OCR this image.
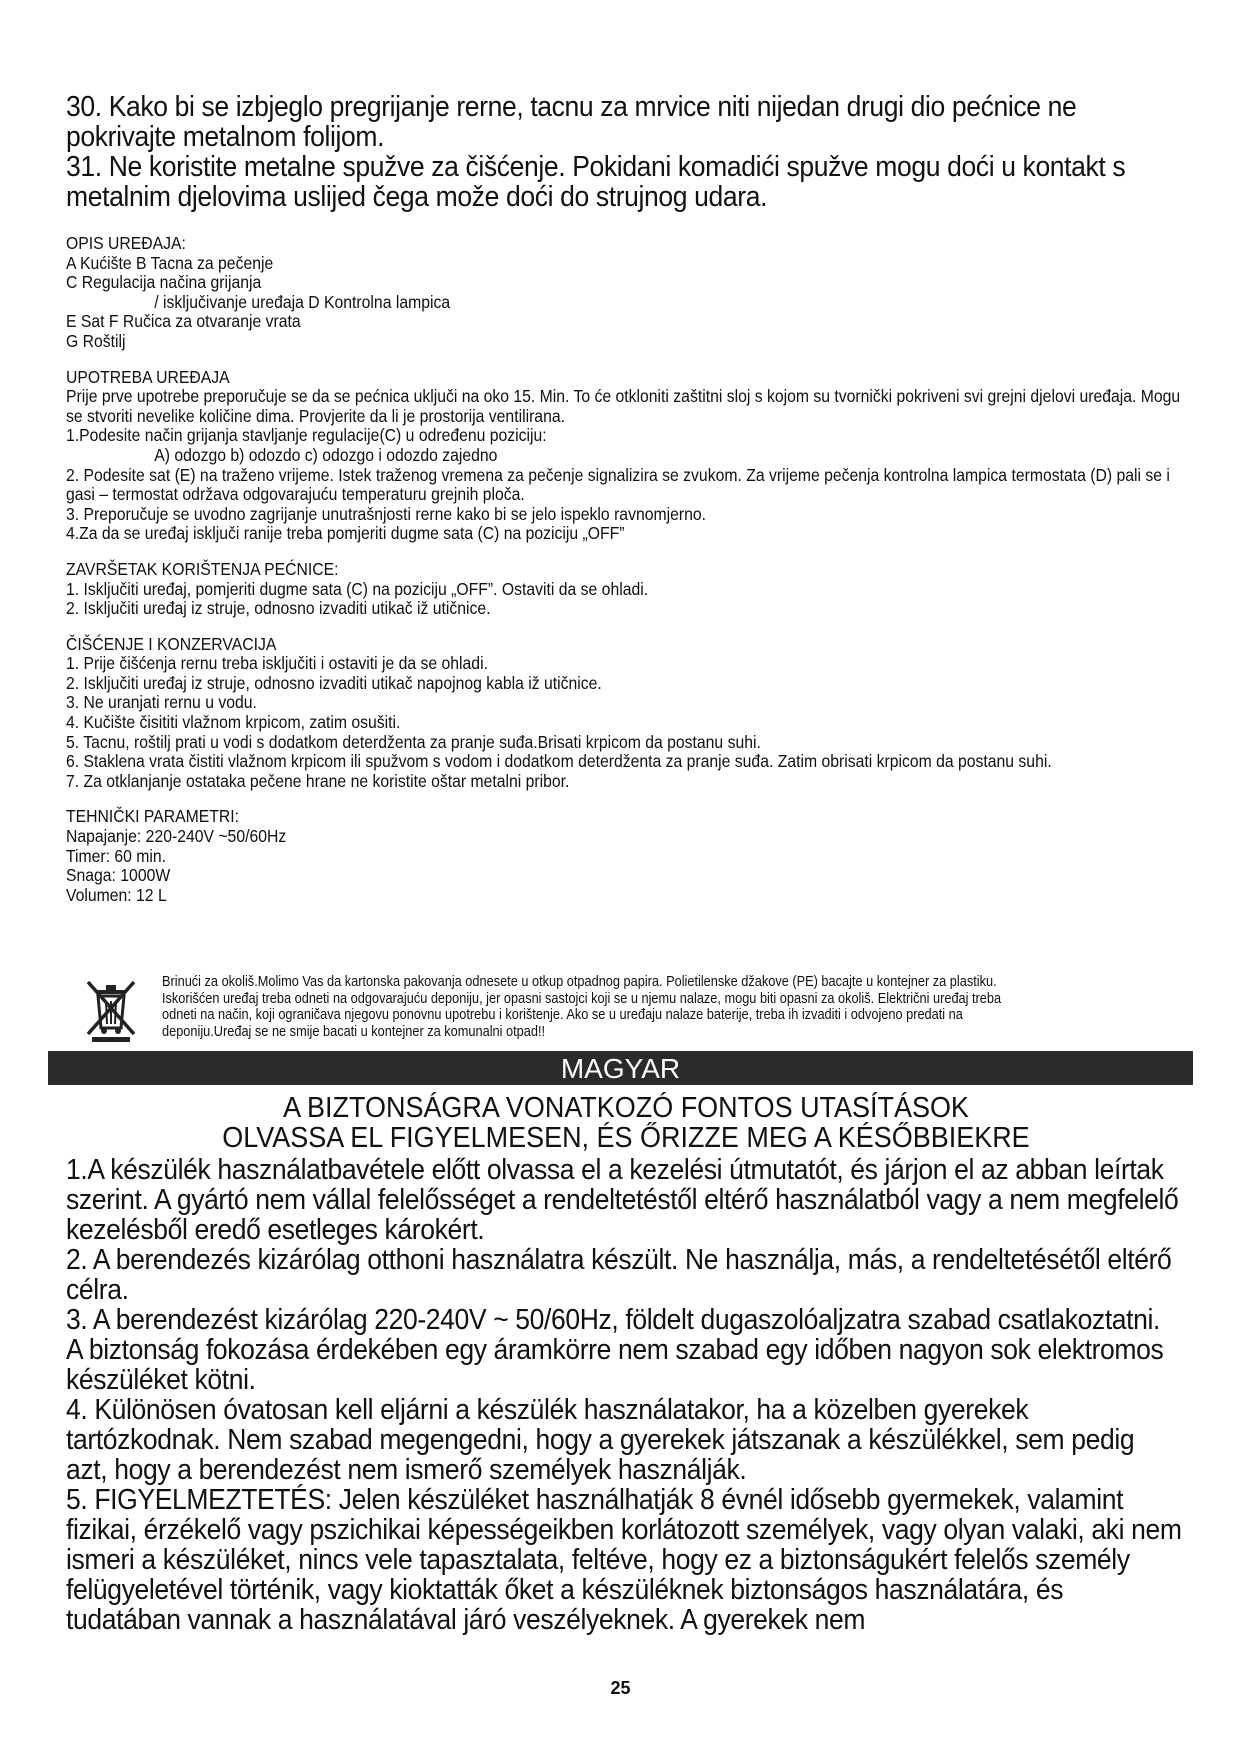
30. Kako bi se izbjeglo pregrijanje rerne, tacnu za mrvice niti nijedan drugi dio pećnice ne pokrivajte metalnom folijom.

31. Ne koristite metalne spužve za čišćenje. Pokidani komadići spužve mogu doći u kontakt s metalnim djelovima uslijed čega može doći do strujnog udara.

OPIS UREĐAJA:

A Kućište B Tacna za pečenje

C Regulacija načina grijanja

/ isključivanje uređaja D Kontrolna lampica

E Sat F Ručica za otvaranje vrata

G Roštilj

UPOTREBA UREĐAJA

Prije prve upotrebe preporučuje se da se pećnica uključi na oko 15. Min. To će otkloniti zaštitni sloj s kojom su tvornički pokriveni svi grejni djelovi uređaja. Mogu se stvoriti nevelike količine dima. Provjerite da li je prostorija ventilirana.

1.Podesite način grijanja stavljanje regulacije(C) u određenu poziciju:

A) odozgo b) odozdo c) odozgo i odozdo zajedno

2. Podesite sat (E) na traženo vrijeme. Istek traženog vremena za pečenje signalizira se zvukom. Za vrijeme pečenja kontrolna lampica termostata (D) pali se i gasi – termostat održava odgovarajuću temperaturu grejnih ploča.

3. Preporučuje se uvodno zagrijanje unutrašnjosti rerne kako bi se jelo ispeklo ravnomjerno.

4.Za da se uređaj isključi ranije treba pomjeriti dugme sata (C) na poziciju „OFF”

ZAVRŠETAK KORIŠTENJA PEĆNICE:

1. Isključiti uređaj, pomjeriti dugme sata (C) na poziciju „OFF”. Ostaviti da se ohladi.

2. Isključiti uređaj iz struje, odnosno izvaditi utikač iž utičnice.

ČIŠĆENJE I KONZERVACIJA

1. Prije čišćenja rernu treba isključiti i ostaviti je da se ohladi.

2. Isključiti uređaj iz struje, odnosno izvaditi utikač napojnog kabla iž utičnice.

3. Ne uranjati rernu u vodu.

4. Kučište čisititi vlažnom krpicom, zatim osušiti.

5. Tacnu, roštilj prati u vodi s dodatkom deterdženta za pranje suđa.Brisati krpicom da postanu suhi.

6. Staklena vrata čistiti vlažnom krpicom ili spužvom s vodom i dodatkom deterdženta za pranje suđa. Zatim obrisati krpicom da postanu suhi.

7. Za otklanjanje ostataka pečene hrane ne koristite oštar metalni pribor.

TEHNIČKI PARAMETRI:

Napajanje: 220-240V ~50/60Hz

Timer: 60 min.

Snaga: 1000W

Volumen: 12 L

Brinući za okoliš.Molimo Vas da kartonska pakovanja odnesete u otkup otpadnog papira. Polietilenske džakove (PE) bacajte u kontejner za plastiku.

Iskorišćen uređaj treba odneti na odgovarajuću deponiju, jer opasni sastojci koji se u njemu nalaze, mogu biti opasni za okoliš. Električni uređaj treba

odneti na način, koji ograničava njegovu ponovnu upotrebu i korištenje. Ako se u uređaju nalaze baterije, treba ih izvaditi i odvojeno predati na

deponiju.Uređaj se ne smije bacati u kontejner za komunalni otpad!!

MAGYAR

A BIZTONSÁGRA VONATKOZÓ FONTOS UTASÍTÁSOK

OLVASSA EL FIGYELMESEN, ÉS ŐRIZZE MEG A KÉSŐBBIEKRE

1.A készülék használatbavétele előtt olvassa el a kezelési útmutatót, és járjon el az abban leírtak szerint. A gyártó nem vállal felelősséget a rendeltetéstől eltérő használatból vagy a nem megfelelő kezelésből eredő esetleges károkért.

2. A berendezés kizárólag otthoni használatra készült. Ne használja, más, a rendeltetésétől eltérő célra.

3. A berendezést kizárólag 220-240V ~ 50/60Hz, földelt dugaszolóaljzatra szabad csatlakoztatni.

A biztonság fokozása érdekében egy áramkörre nem szabad egy időben nagyon sok elektromos készüléket kötni.

4. Különösen óvatosan kell eljárni a készülék használatakor, ha a közelben gyerekek tartózkodnak. Nem szabad megengedni, hogy a gyerekek játszanak a készülékkel, sem pedig azt, hogy a berendezést nem ismerő személyek használják.

5. FIGYELMEZTETÉS: Jelen készüléket használhatják 8 évnél idősebb gyermekek, valamint fizikai, érzékelő vagy pszichikai képességeikben korlátozott személyek, vagy olyan valaki, aki nem ismeri a készüléket, nincs vele tapasztalata, feltéve, hogy ez a biztonságukért felelős személy felügyeletével történik, vagy kioktatták őket a készüléknek biztonságos használatára, és tudatában vannak a használatával járó veszélyeknek. A gyerekek nem

25
